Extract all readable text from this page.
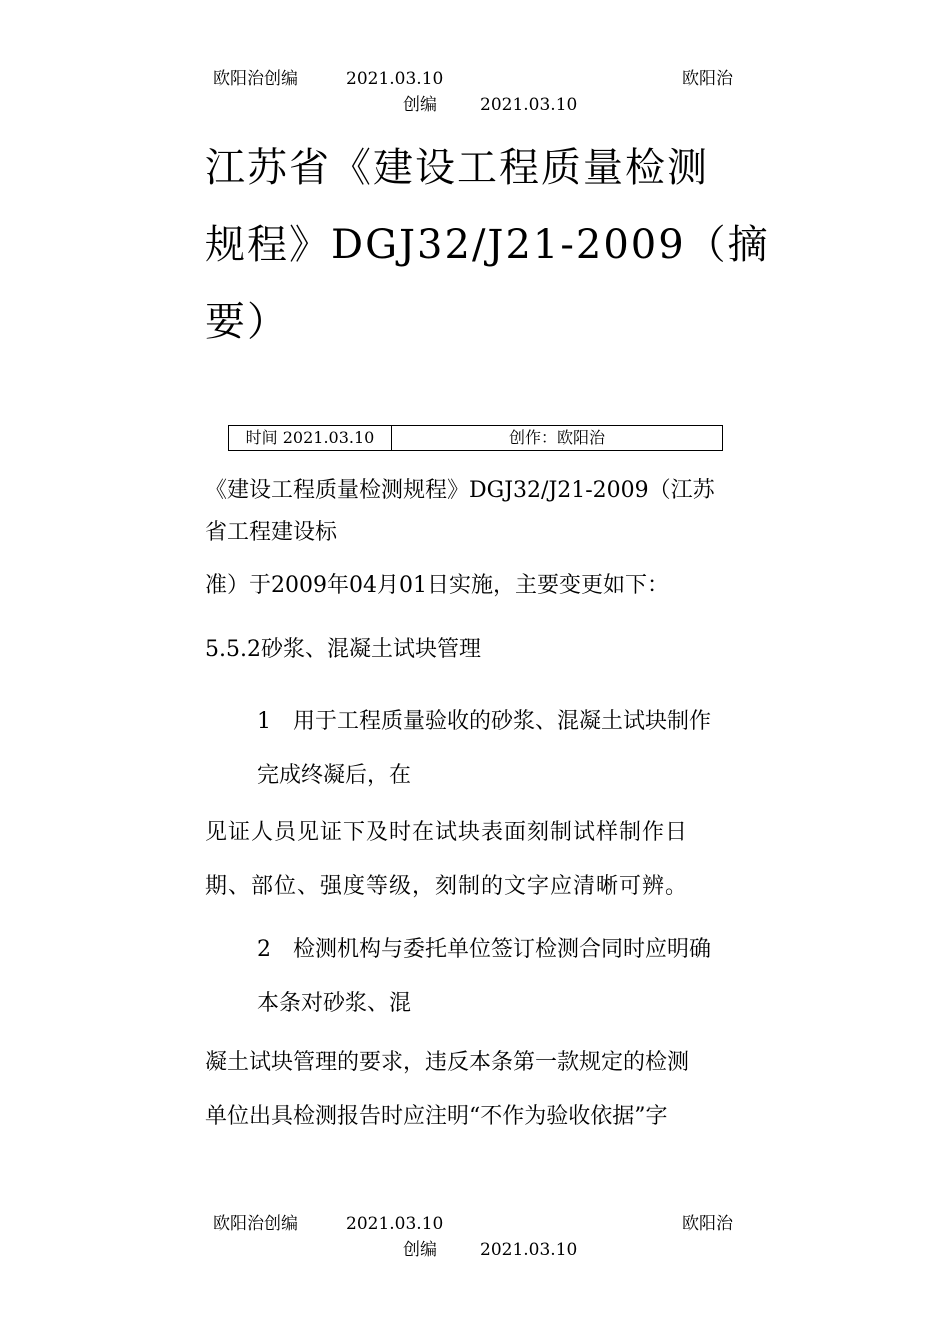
欧阳治创编	2021.03.10	欧阳治
创编	2021.03.10
江苏省《建设工程质量检测
规程》DGJ32/J21-2009（摘
要）
时间 2021.03.10	创作：欧阳治
《建设工程质量检测规程》DGJ32/J21-2009（江苏
省工程建设标
准）于2009年04月01日实施，主要变更如下：
5.5.2砂浆、混凝土试块管理
1　用于工程质量验收的砂浆、混凝土试块制作
完成终凝后，在
见证人员见证下及时在试块表面刻制试样制作日
期、部位、强度等级，刻制的文字应清晰可辨。
2　检测机构与委托单位签订检测合同时应明确
本条对砂浆、混
凝土试块管理的要求，违反本条第一款规定的检测
单位出具检测报告时应注明“不作为验收依据”字
欧阳治创编	2021.03.10	欧阳治
创编	2021.03.10
